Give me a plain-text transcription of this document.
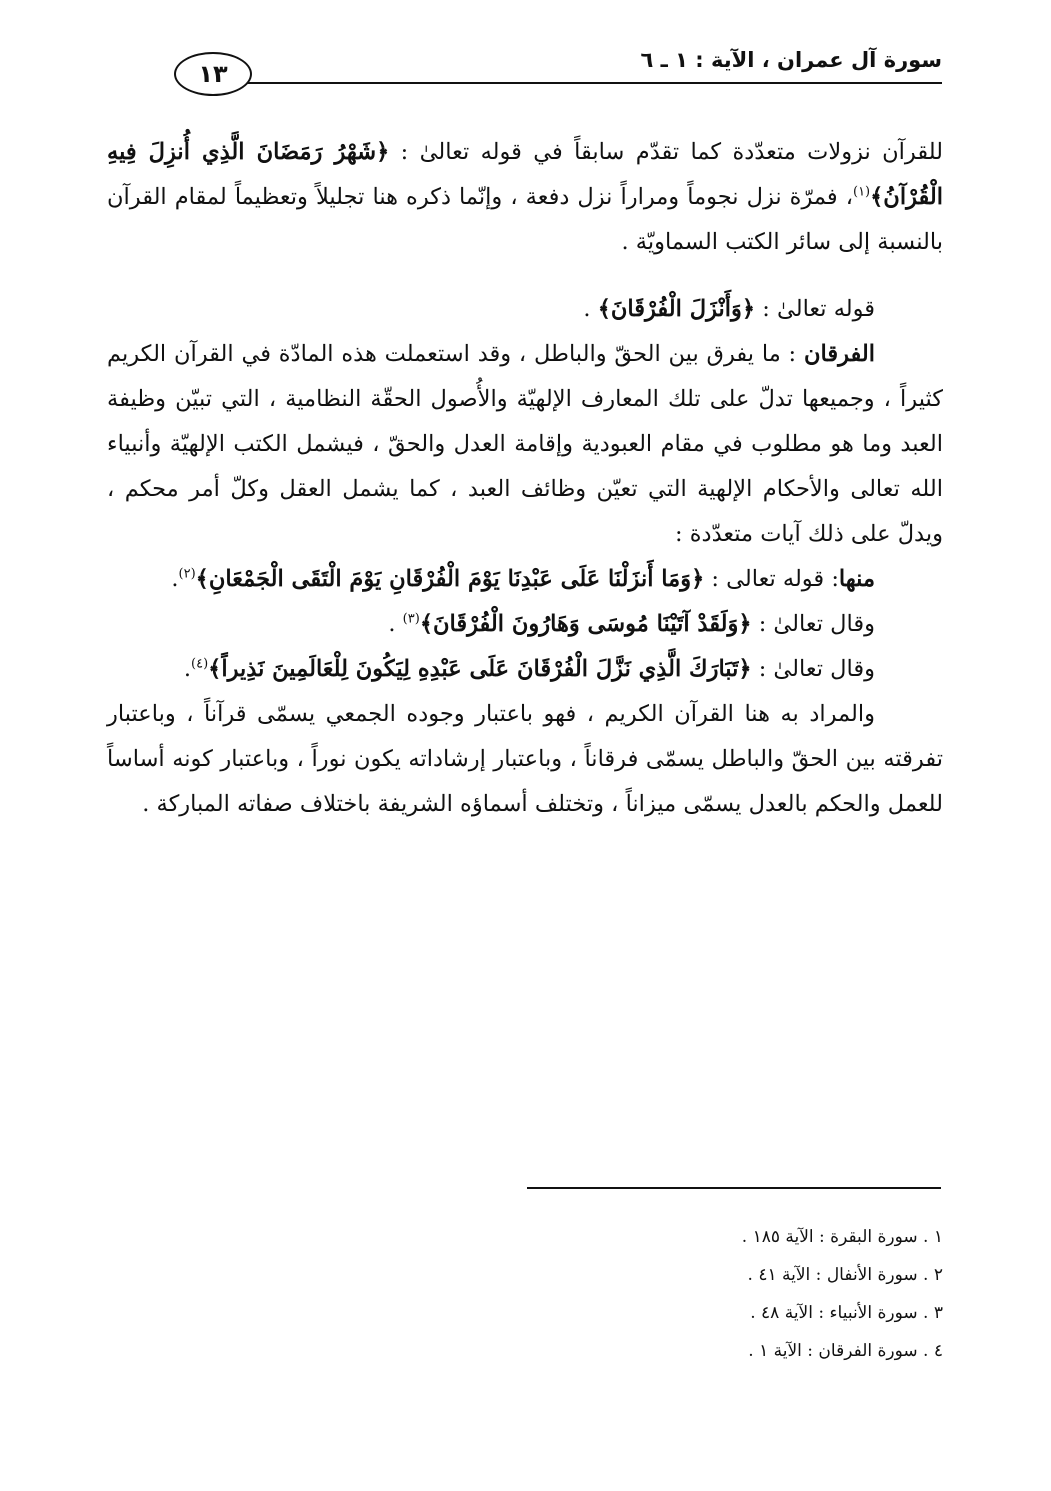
سورة آل عمران ، الآية : ١ ـ ٦
١٣

للقرآن نزولات متعدّدة كما تقدّم سابقاً في قوله تعالىٰ : ﴿شَهْرُ رَمَضَانَ الَّذِي أُنزِلَ فِيهِ الْقُرْآنُ﴾$^{(١)}$، فمرّة نزل نجوماً ومراراً نزل دفعة ، وإنّما ذكره هنا تجليلاً وتعظيماً لمقام القرآن بالنسبة إلى سائر الكتب السماويّة .

قوله تعالىٰ : ﴿وَأَنْزَلَ الْفُرْقَانَ﴾ .

الفرقان : ما يفرق بين الحقّ والباطل ، وقد استعملت هذه المادّة في القرآن الكريم كثيراً ، وجميعها تدلّ على تلك المعارف الإلهيّة والأُصول الحقّة النظامية ، التي تبيّن وظيفة العبد وما هو مطلوب في مقام العبودية وإقامة العدل والحقّ ، فيشمل الكتب الإلهيّة وأنبياء الله تعالى والأحكام الإلهية التي تعيّن وظائف العبد ، كما يشمل العقل وكلّ أمر محكم ، ويدلّ على ذلك آيات متعدّدة :

منها: قوله تعالى : ﴿وَمَا أَنزَلْنَا عَلَى عَبْدِنَا يَوْمَ الْفُرْقَانِ يَوْمَ الْتَقَى الْجَمْعَانِ﴾$^{(٢)}$.

وقال تعالىٰ : ﴿وَلَقَدْ آتَيْنَا مُوسَى وَهَارُونَ الْفُرْقَانَ﴾$^{(٣)}$ .

وقال تعالىٰ : ﴿تَبَارَكَ الَّذِي نَزَّلَ الْفُرْقَانَ عَلَى عَبْدِهِ لِيَكُونَ لِلْعَالَمِينَ نَذِيراً﴾$^{(٤)}$.

والمراد به هنا القرآن الكريم ، فهو باعتبار وجوده الجمعي يسمّى قرآناً ، وباعتبار تفرقته بين الحقّ والباطل يسمّى فرقاناً ، وباعتبار إرشاداته يكون نوراً ، وباعتبار كونه أساساً للعمل والحكم بالعدل يسمّى ميزاناً ، وتختلف أسماؤه الشريفة باختلاف صفاته المباركة .

١ . سورة البقرة : الآية ١٨٥ .
٢ . سورة الأنفال : الآية ٤١ .
٣ . سورة الأنبياء : الآية ٤٨ .
٤ . سورة الفرقان : الآية ١ .
